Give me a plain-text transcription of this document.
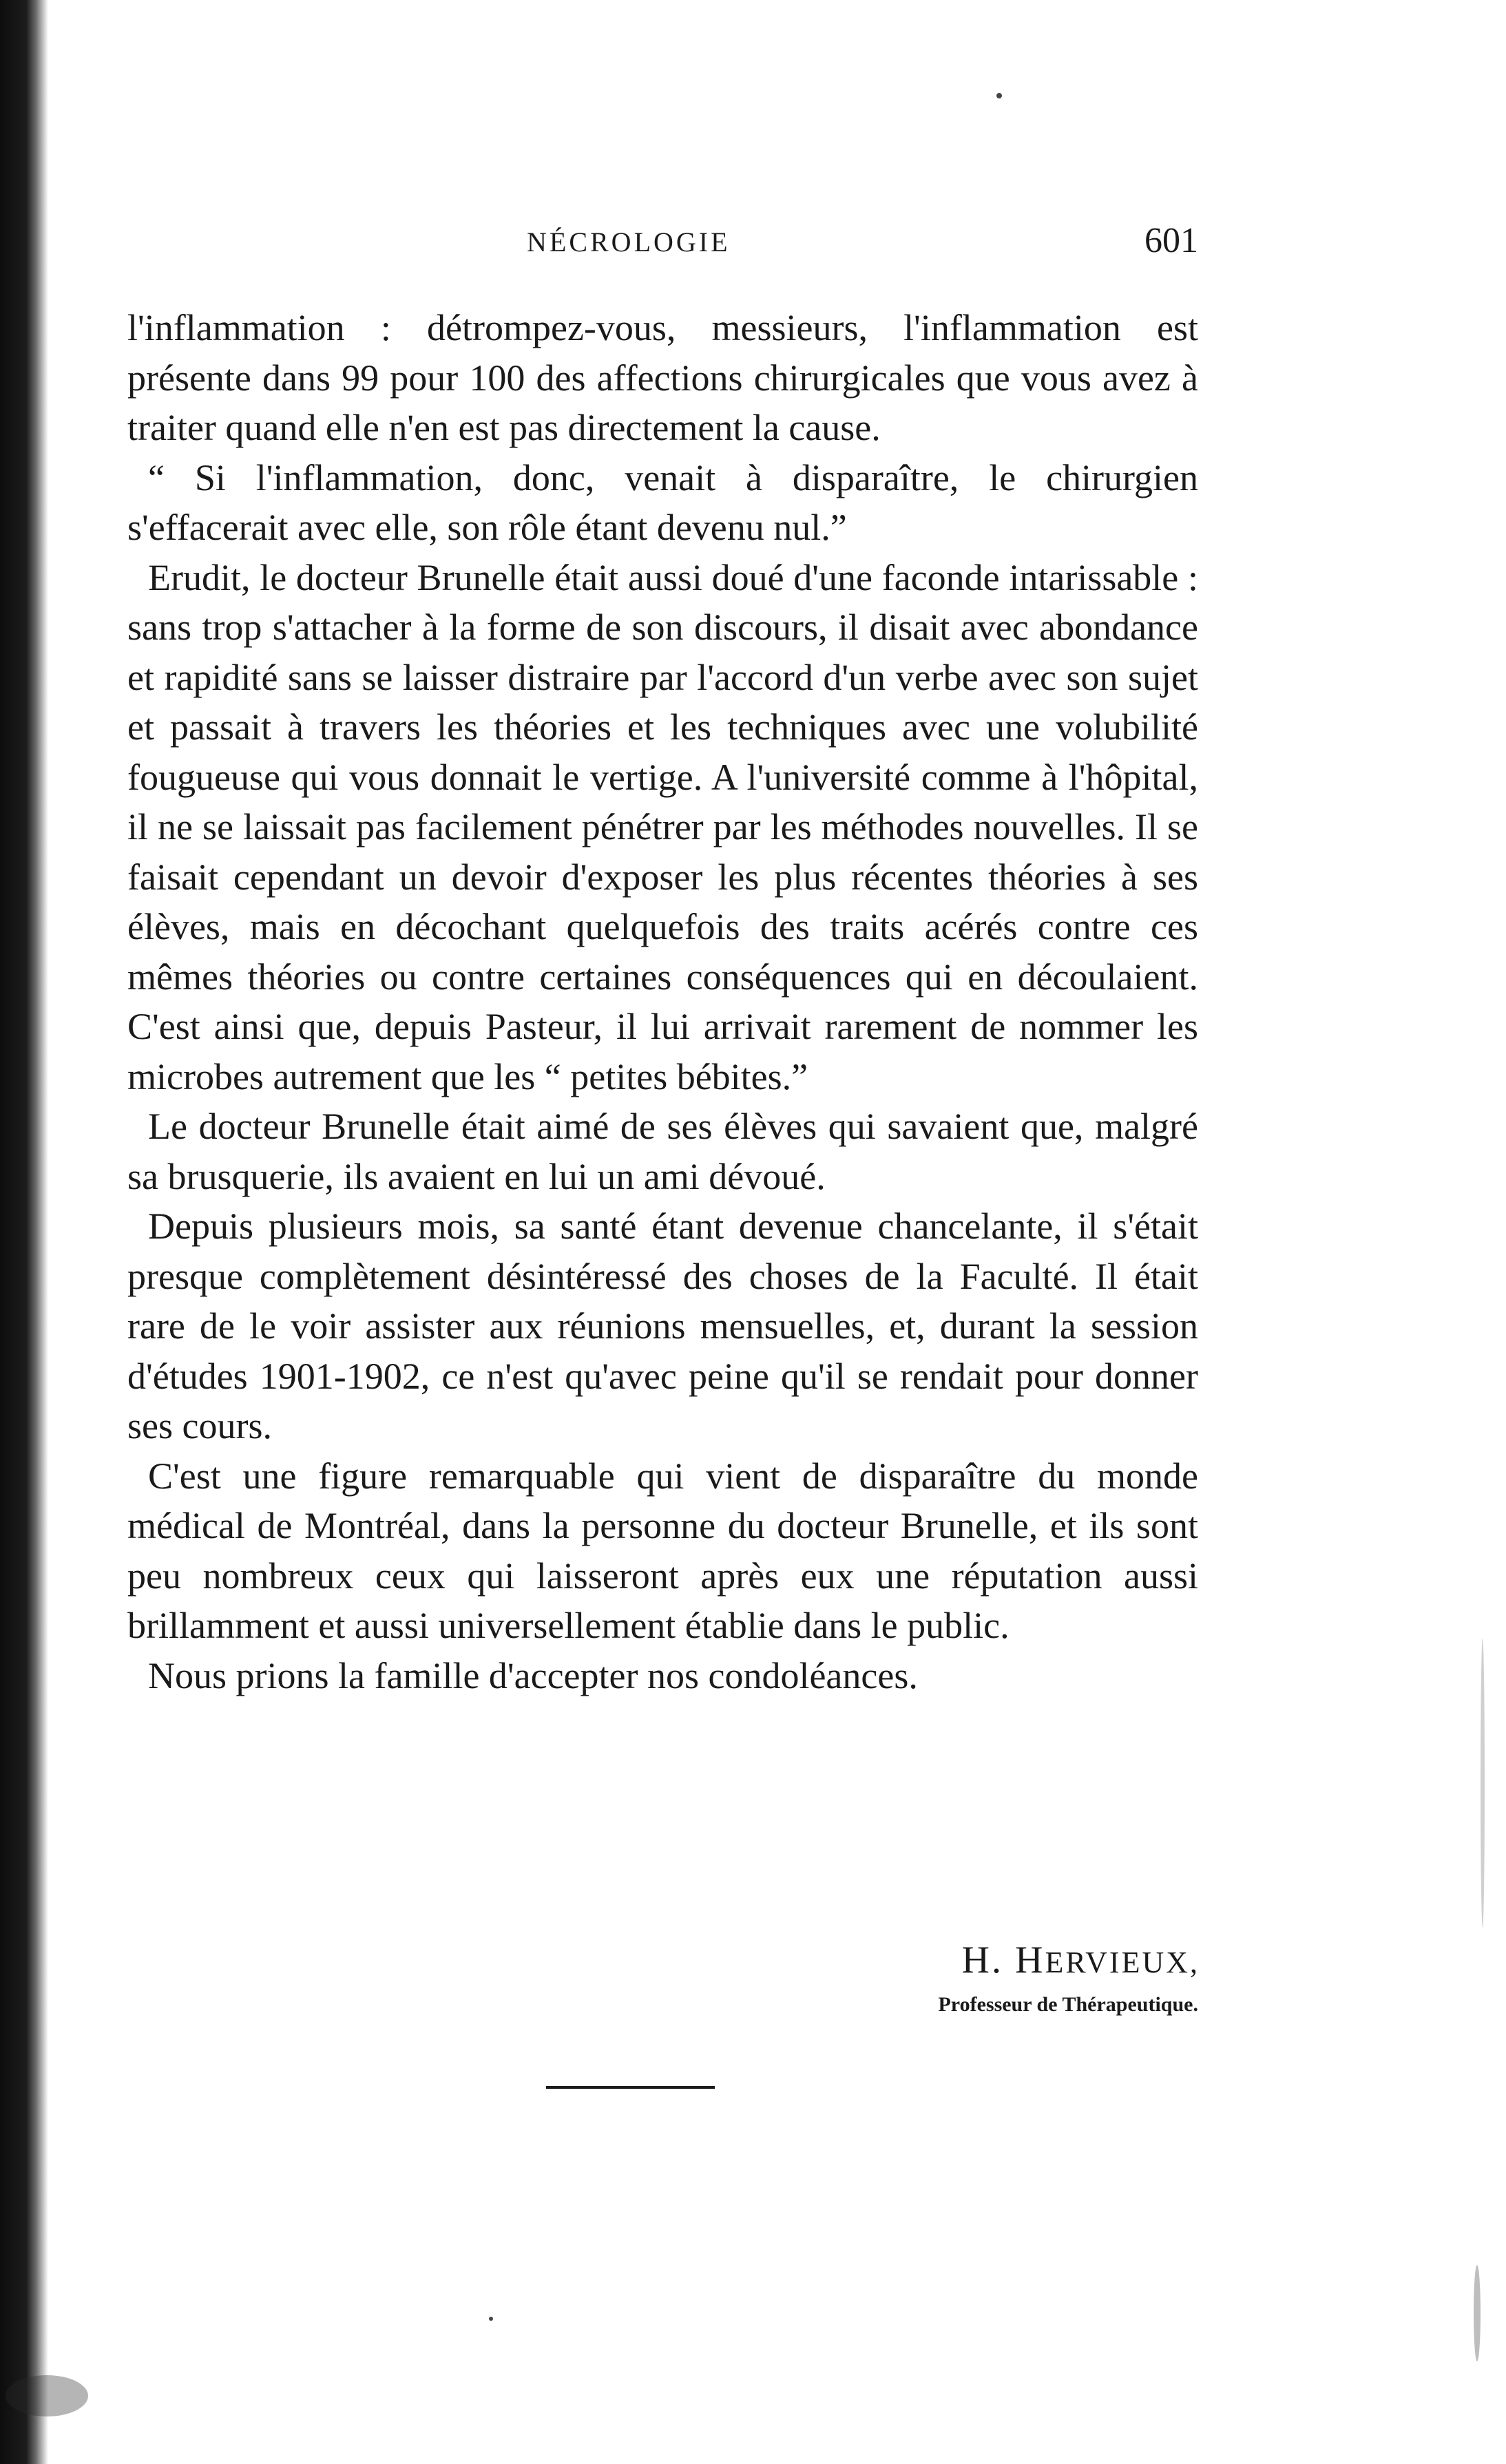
NÉCROLOGIE	601

l'inflammation : détrompez-vous, messieurs, l'inflammation est présente dans 99 pour 100 des affections chirurgicales que vous avez à traiter quand elle n'en est pas directement la cause.

“ Si l'inflammation, donc, venait à disparaître, le chirurgien s'effacerait avec elle, son rôle étant devenu nul.”

Erudit, le docteur Brunelle était aussi doué d'une faconde intarissable : sans trop s'attacher à la forme de son discours, il disait avec abondance et rapidité sans se laisser distraire par l'accord d'un verbe avec son sujet et passait à travers les théories et les techniques avec une volubilité fougueuse qui vous donnait le vertige. A l'université comme à l'hôpital, il ne se laissait pas facilement pénétrer par les méthodes nouvelles. Il se faisait cependant un devoir d'exposer les plus récentes théories à ses élèves, mais en décochant quelquefois des traits acérés contre ces mêmes théories ou contre certaines conséquences qui en découlaient. C'est ainsi que, depuis Pasteur, il lui arrivait rarement de nommer les microbes autrement que les “ petites bébites.”

Le docteur Brunelle était aimé de ses élèves qui savaient que, malgré sa brusquerie, ils avaient en lui un ami dévoué.

Depuis plusieurs mois, sa santé étant devenue chancelante, il s'était presque complètement désintéressé des choses de la Faculté. Il était rare de le voir assister aux réunions mensuelles, et, durant la session d'études 1901-1902, ce n'est qu'avec peine qu'il se rendait pour donner ses cours.

C'est une figure remarquable qui vient de disparaître du monde médical de Montréal, dans la personne du docteur Brunelle, et ils sont peu nombreux ceux qui laisseront après eux une réputation aussi brillamment et aussi universellement établie dans le public.

Nous prions la famille d'accepter nos condoléances.

H. HERVIEUX,
Professeur de Thérapeutique.
